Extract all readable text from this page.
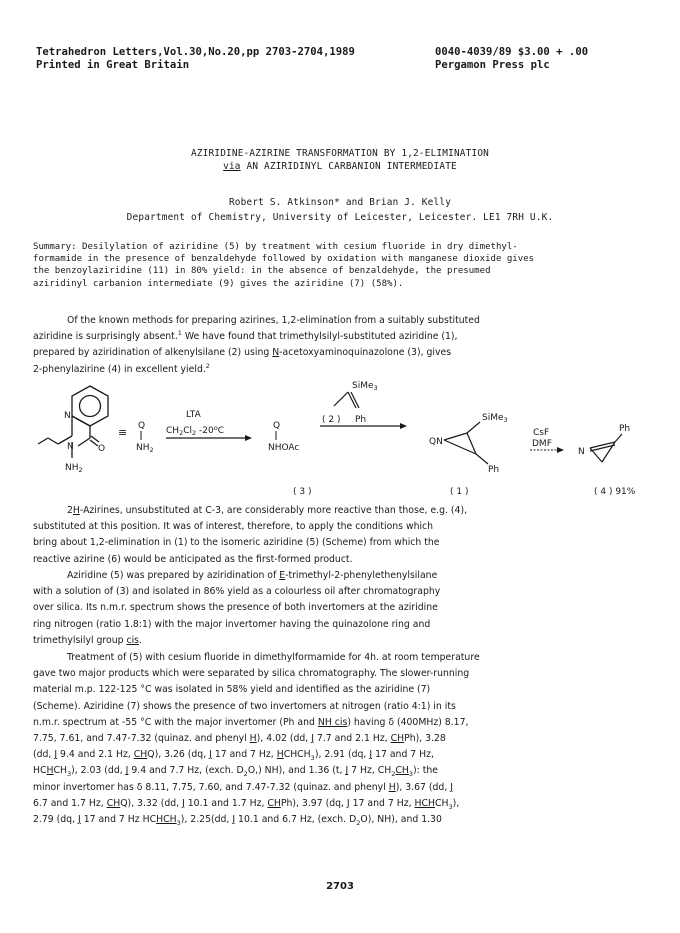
Tetrahedron Letters,Vol.30,No.20,pp 2703-2704,1989
Printed in Great Britain
0040-4039/89 $3.00 + .00
Pergamon Press plc
AZIRIDINE-AZIRINE TRANSFORMATION BY 1,2-ELIMINATION
via AN AZIRIDINYL CARBANION INTERMEDIATE
Robert S. Atkinson* and Brian J. Kelly
Department of Chemistry, University of Leicester, Leicester. LE1 7RH U.K.
Summary: Desilylation of aziridine (5) by treatment with cesium fluoride in dry dimethyl-
formamide in the presence of benzaldehyde followed by oxidation with manganese dioxide gives
the benzoylaziridine (11) in 80% yield: in the absence of benzaldehyde, the presumed
aziridinyl carbanion intermediate (9) gives the aziridine (7) (58%).
Of the known methods for preparing azirines, 1,2-elimination from a suitably substituted
aziridine is surprisingly absent.$^1$ We have found that trimethylsilyl-substituted aziridine (1),
prepared by aziridination of alkenylsilane (2) using N-acetoxyaminoquinazolone (3), gives
2-phenylazirine (4) in excellent yield.$^2$
N
N	O
$NH_2$
≡ Q
$NH_2$
LTA
$CH_2Cl_2$ -20$^o$C	Q
NHOAc
SiMe$_3$
( 2 ) Ph
QN
SiMe$_3$
Ph
CsF
DMF
Ph
N
( 3 )	( 1 )	( 4 ) 91%
2H-Azirines, unsubstituted at C-3, are considerably more reactive than those, e.g. (4),
substituted at this position. It was of interest, therefore, to apply the conditions which
bring about 1,2-elimination in (1) to the isomeric aziridine (5) (Scheme) from which the
reactive azirine (6) would be anticipated as the first-formed product.
Aziridine (5) was prepared by aziridination of E-trimethyl-2-phenylethenylsilane
with a solution of (3) and isolated in 86% yield as a colourless oil after chromatography
over silica. Its n.m.r. spectrum shows the presence of both invertomers at the aziridine
ring nitrogen (ratio 1.8:1) with the major invertomer having the quinazolone ring and
trimethylsilyl group cis.
Treatment of (5) with cesium fluoride in dimethylformamide for 4h. at room temperature
gave two major products which were separated by silica chromatography. The slower-running
material m.p. 122-125 °C was isolated in 58% yield and identified as the aziridine (7)
(Scheme). Aziridine (7) shows the presence of two invertomers at nitrogen (ratio 4:1) in its
n.m.r. spectrum at -55 °C with the major invertomer (Ph and NH cis) having δ (400MHz) 8.17,
7.75, 7.61, and 7.47-7.32 (quinaz. and phenyl H), 4.02 (dd, J 7.7 and 2.1 Hz, CHPh), 3.28
(dd, J 9.4 and 2.1 Hz, CHQ), 3.26 (dq, J 17 and 7 Hz, $HCHCH_3$), 2.91 (dq, J 17 and 7 Hz,
$HCHCH_3$), 2.03 (dd, J 9.4 and 7.7 Hz, (exch. $D_2O$,) NH), and 1.36 (t, J 7 Hz, $CH_2CH_3$): the
minor invertomer has δ 8.11, 7.75, 7.60, and 7.47-7.32 (quinaz. and phenyl H), 3.67 (dd, J
6.7 and 1.7 Hz, CHQ), 3.32 (dd, J 10.1 and 1.7 Hz, CHPh), 3.97 (dq, J 17 and 7 Hz, $HCHCH_3$),
2.79 (dq, J 17 and 7 Hz $HCHCH_3$), 2.25(dd, J 10.1 and 6.7 Hz, (exch. $D_2O$), NH), and 1.30
2703
